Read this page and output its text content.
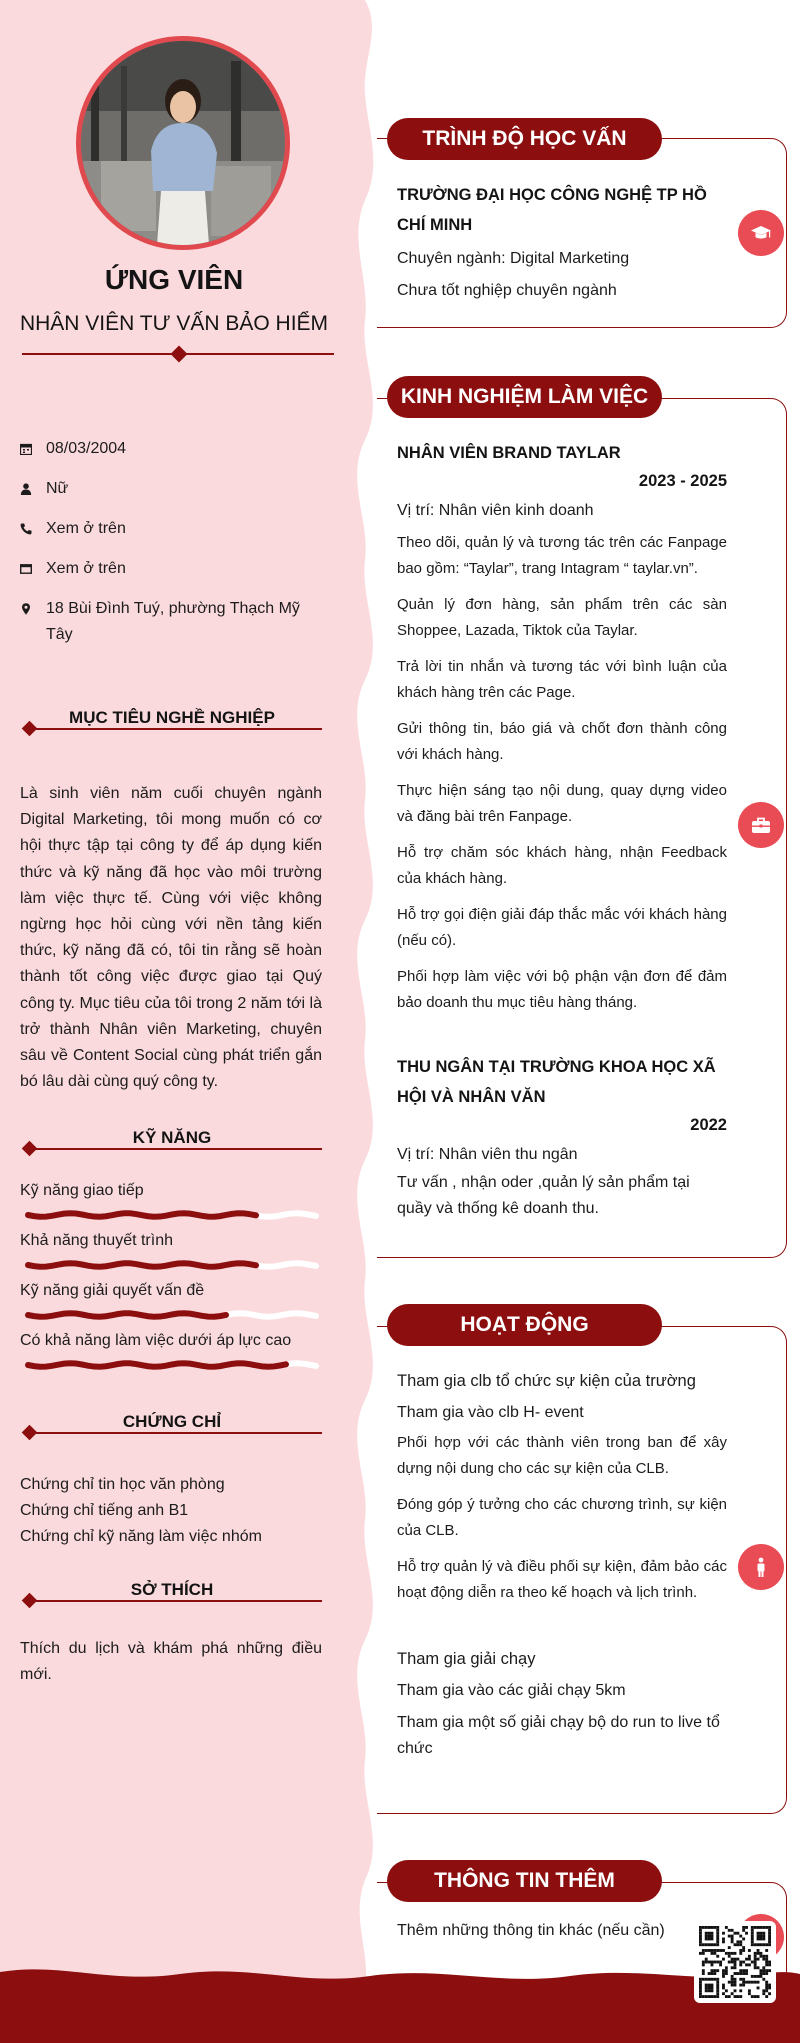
ỨNG VIÊN
NHÂN VIÊN TƯ VẤN BẢO HIỂM
08/03/2004
Nữ
Xem ở trên
Xem ở trên
18 Bùi Đình Tuý, phường Thạch Mỹ Tây
MỤC TIÊU NGHỀ NGHIỆP
Là sinh viên năm cuối chuyên ngành Digital Marketing, tôi mong muốn có cơ hội thực tập tại công ty để áp dụng kiến thức và kỹ năng đã học vào môi trường làm việc thực tế. Cùng với việc không ngừng học hỏi cùng với nền tảng kiến thức, kỹ năng đã có, tôi tin rằng sẽ hoàn thành tốt công việc được giao tại Quý công ty. Mục tiêu của tôi trong 2 năm tới là trở thành Nhân viên Marketing, chuyên sâu về Content Social cùng phát triển gắn bó lâu dài cùng quý công ty.
KỸ NĂNG
Kỹ năng giao tiếp
Khả năng thuyết trình
Kỹ năng giải quyết vấn đề
Có khả năng làm việc dưới áp lực cao
CHỨNG CHỈ
Chứng chỉ tin học văn phòng
Chứng chỉ tiếng anh B1
Chứng chỉ kỹ năng làm việc nhóm
SỞ THÍCH
Thích du lịch và khám phá những điều mới.
TRÌNH ĐỘ HỌC VẤN
TRƯỜNG ĐẠI HỌC CÔNG NGHỆ TP HỒ CHÍ MINH
Chuyên ngành: Digital Marketing
Chưa tốt nghiệp chuyên ngành
KINH NGHIỆM LÀM VIỆC
NHÂN VIÊN BRAND TAYLAR
2023 - 2025
Vị trí: Nhân viên kinh doanh

Theo dõi, quản lý và tương tác trên các Fanpage bao gồm: “Taylar”, trang Intagram “ taylar.vn”.

Quản lý đơn hàng, sản phẩm trên các sàn Shoppee, Lazada, Tiktok của Taylar.

Trả lời tin nhắn và tương tác với bình luận của khách hàng trên các Page.

Gửi thông tin, báo giá và chốt đơn thành công với khách hàng.

Thực hiện sáng tạo nội dung, quay dựng video và đăng bài trên Fanpage.

Hỗ trợ chăm sóc khách hàng, nhận Feedback của khách hàng.

Hỗ trợ gọi điện giải đáp thắc mắc với khách hàng (nếu có).

Phối hợp làm việc với bộ phận vận đơn để đảm bảo doanh thu mục tiêu hàng tháng.

THU NGÂN TẠI TRƯỜNG KHOA HỌC XÃ HỘI VÀ NHÂN VĂN
2022
Vị trí: Nhân viên thu ngân
Tư vấn , nhận oder ,quản lý sản phẩm tại quầy và thống kê doanh thu.
HOẠT ĐỘNG
Tham gia clb tổ chức sự kiện của trường
Tham gia vào clb H- event

Phối hợp với các thành viên trong ban để xây dựng nội dung cho các sự kiện của CLB.

Đóng góp ý tưởng cho các chương trình, sự kiện của CLB.

Hỗ trợ quản lý và điều phối sự kiện, đảm bảo các hoạt động diễn ra theo kế hoạch và lịch trình.

Tham gia giải chạy
Tham gia vào các giải chạy 5km
Tham gia một số giải chạy bộ do run to live tổ chức
THÔNG TIN THÊM
Thêm những thông tin khác (nếu cần)
